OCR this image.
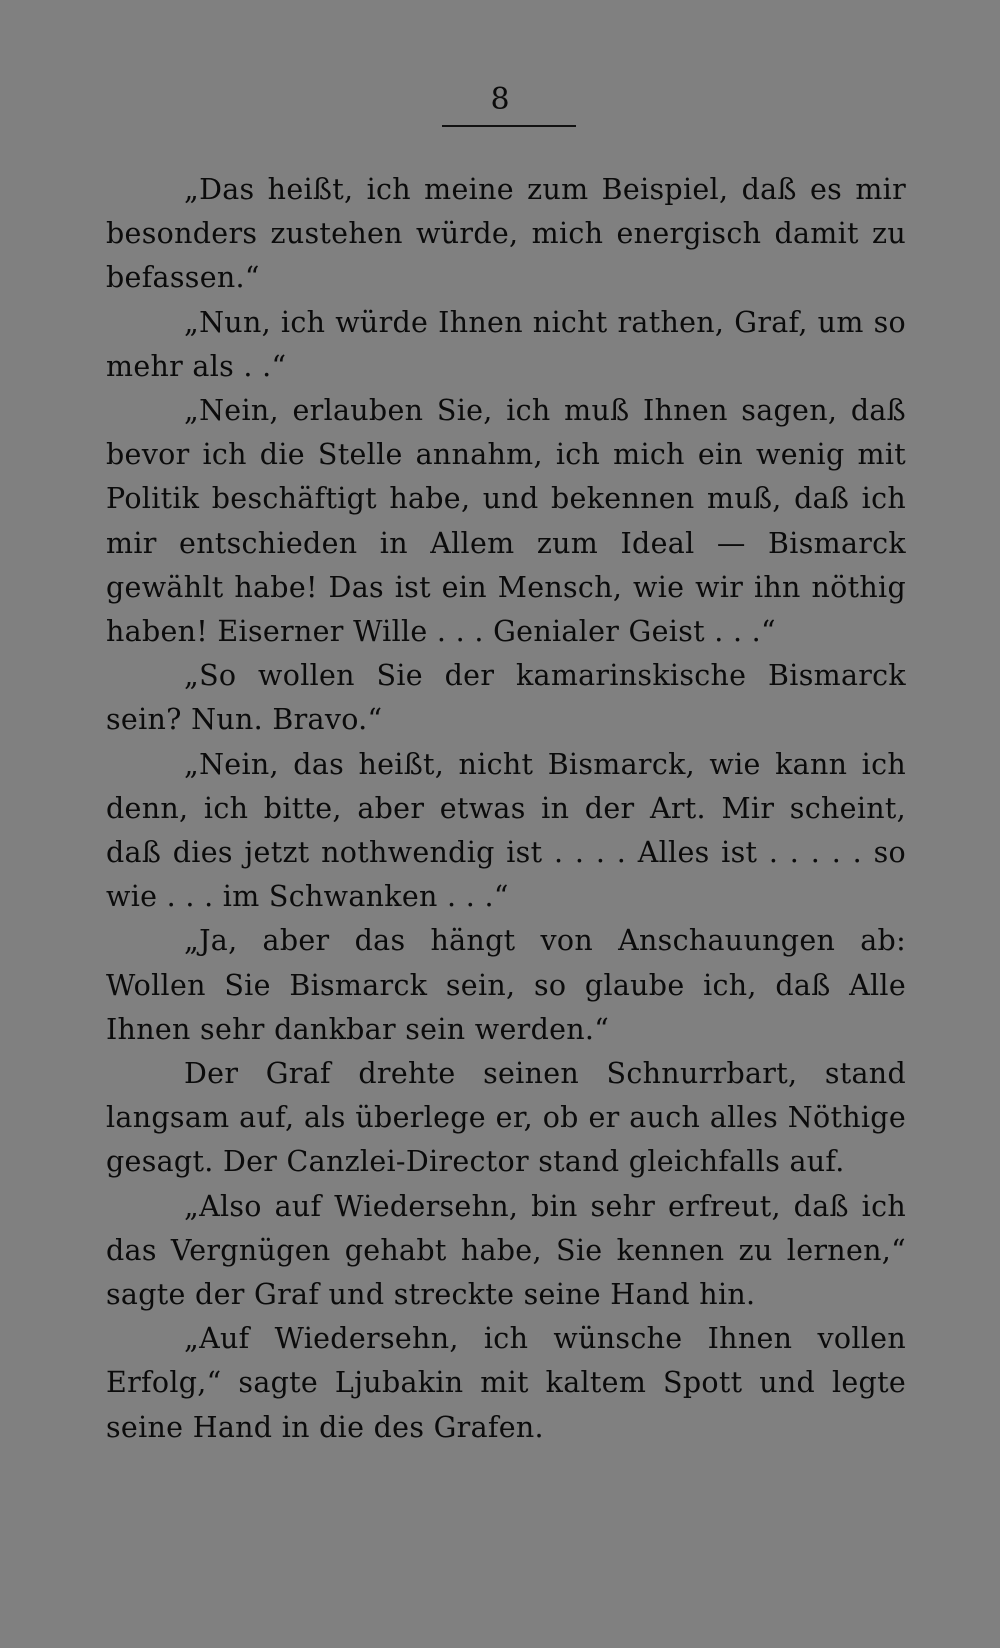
8

„Das heißt, ich meine zum Beispiel, daß es mir besonders zustehen würde, mich energisch damit zu befassen.“

„Nun, ich würde Ihnen nicht rathen, Graf, um so mehr als . .“

„Nein, erlauben Sie, ich muß Ihnen sagen, daß bevor ich die Stelle annahm, ich mich ein wenig mit Politik beschäftigt habe, und bekennen muß, daß ich mir entschieden in Allem zum Ideal — Bismarck gewählt habe! Das ist ein Mensch, wie wir ihn nöthig haben! Eiserner Wille . . . Genialer Geist . . .“

„So wollen Sie der kamarinskische Bismarck sein? Nun. Bravo.“

„Nein, das heißt, nicht Bismarck, wie kann ich denn, ich bitte, aber etwas in der Art. Mir scheint, daß dies jetzt nothwendig ist . . . . Alles ist . . . . . so wie . . . im Schwanken . . .“

„Ja, aber das hängt von Anschauungen ab: Wollen Sie Bismarck sein, so glaube ich, daß Alle Ihnen sehr dankbar sein werden.“

Der Graf drehte seinen Schnurrbart, stand langsam auf, als überlege er, ob er auch alles Nöthige gesagt. Der Canzlei-Director stand gleichfalls auf.

„Also auf Wiedersehn, bin sehr erfreut, daß ich das Vergnügen gehabt habe, Sie kennen zu lernen,“ sagte der Graf und streckte seine Hand hin.

„Auf Wiedersehn, ich wünsche Ihnen vollen Erfolg,“ sagte Ljubakin mit kaltem Spott und legte seine Hand in die des Grafen.
